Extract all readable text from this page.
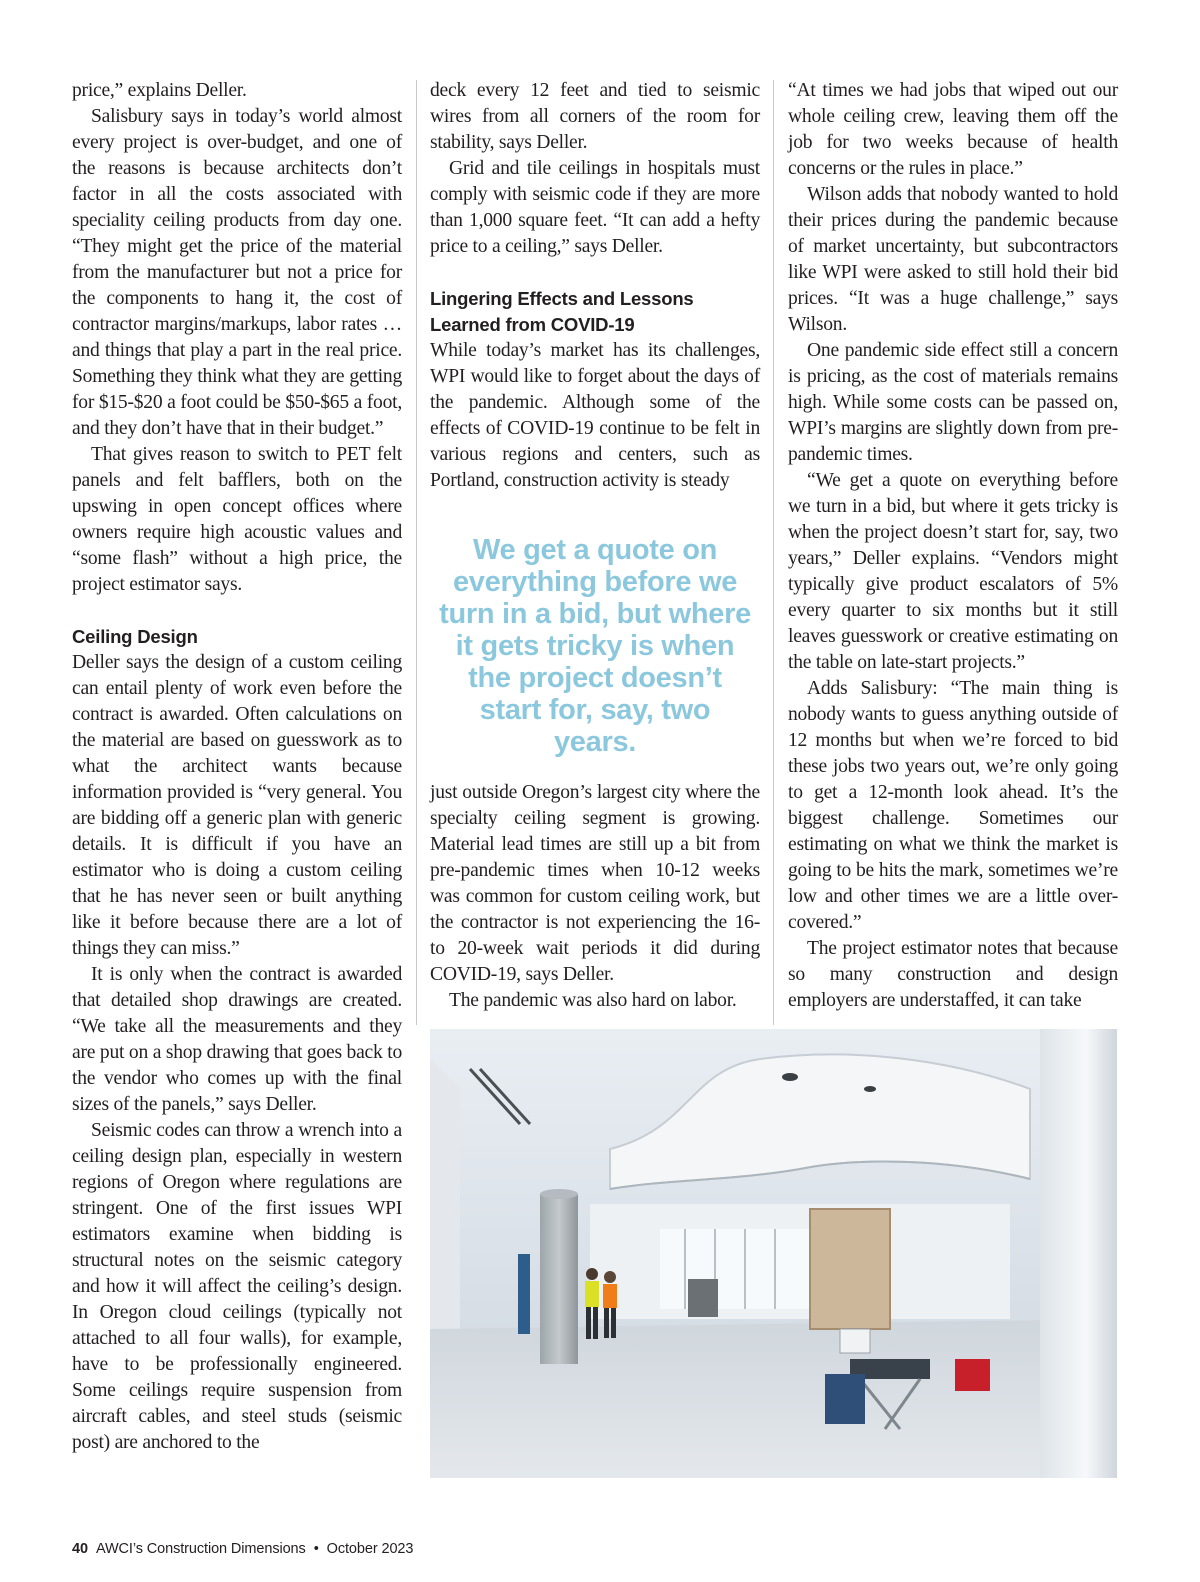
price,” explains Deller.

Salisbury says in today’s world almost every project is over-budget, and one of the reasons is because architects don’t factor in all the costs associated with speciality ceiling products from day one. “They might get the price of the material from the manufacturer but not a price for the components to hang it, the cost of contractor margins/markups, labor rates … and things that play a part in the real price. Something they think what they are getting for $15-$20 a foot could be $50-$65 a foot, and they don’t have that in their budget.”

That gives reason to switch to PET felt panels and felt bafflers, both on the upswing in open concept offices where owners require high acoustic values and “some flash” without a high price, the project estimator says.

Ceiling Design

Deller says the design of a custom ceiling can entail plenty of work even before the contract is awarded. Often calculations on the material are based on guesswork as to what the architect wants because information provided is “very general. You are bidding off a generic plan with generic details. It is difficult if you have an estimator who is doing a custom ceiling that he has never seen or built anything like it before because there are a lot of things they can miss.”

It is only when the contract is awarded that detailed shop drawings are created. “We take all the measurements and they are put on a shop drawing that goes back to the vendor who comes up with the final sizes of the panels,” says Deller.

Seismic codes can throw a wrench into a ceiling design plan, especially in western regions of Oregon where regulations are stringent. One of the first issues WPI estimators examine when bidding is structural notes on the seismic category and how it will affect the ceiling’s design. In Oregon cloud ceilings (typically not attached to all four walls), for example, have to be professionally engineered. Some ceilings require suspension from aircraft cables, and steel studs (seismic post) are anchored to the

deck every 12 feet and tied to seismic wires from all corners of the room for stability, says Deller.

Grid and tile ceilings in hospitals must comply with seismic code if they are more than 1,000 square feet. “It can add a hefty price to a ceiling,” says Deller.

Lingering Effects and Lessons Learned from COVID-19

While today’s market has its challenges, WPI would like to forget about the days of the pandemic. Although some of the effects of COVID-19 continue to be felt in various regions and centers, such as Portland, construction activity is steady

We get a quote on everything before we turn in a bid, but where it gets tricky is when the project doesn’t start for, say, two years.

just outside Oregon’s largest city where the specialty ceiling segment is growing. Material lead times are still up a bit from pre-pandemic times when 10-12 weeks was common for custom ceiling work, but the contractor is not experiencing the 16- to 20-week wait periods it did during COVID-19, says Deller.

The pandemic was also hard on labor.

“At times we had jobs that wiped out our whole ceiling crew, leaving them off the job for two weeks because of health concerns or the rules in place.”

Wilson adds that nobody wanted to hold their prices during the pandemic because of market uncertainty, but subcontractors like WPI were asked to still hold their bid prices. “It was a huge challenge,” says Wilson.

One pandemic side effect still a concern is pricing, as the cost of materials remains high. While some costs can be passed on, WPI’s margins are slightly down from pre-pandemic times.

“We get a quote on everything before we turn in a bid, but where it gets tricky is when the project doesn’t start for, say, two years,” Deller explains. “Vendors might typically give product escalators of 5% every quarter to six months but it still leaves guesswork or creative estimating on the table on late-start projects.”

Adds Salisbury: “The main thing is nobody wants to guess anything outside of 12 months but when we’re forced to bid these jobs two years out, we’re only going to get a 12-month look ahead. It’s the biggest challenge. Sometimes our estimating on what we think the market is going to be hits the mark, sometimes we’re low and other times we are a little over-covered.”

The project estimator notes that because so many construction and design employers are understaffed, it can take

40 AWCI’s Construction Dimensions • October 2023
